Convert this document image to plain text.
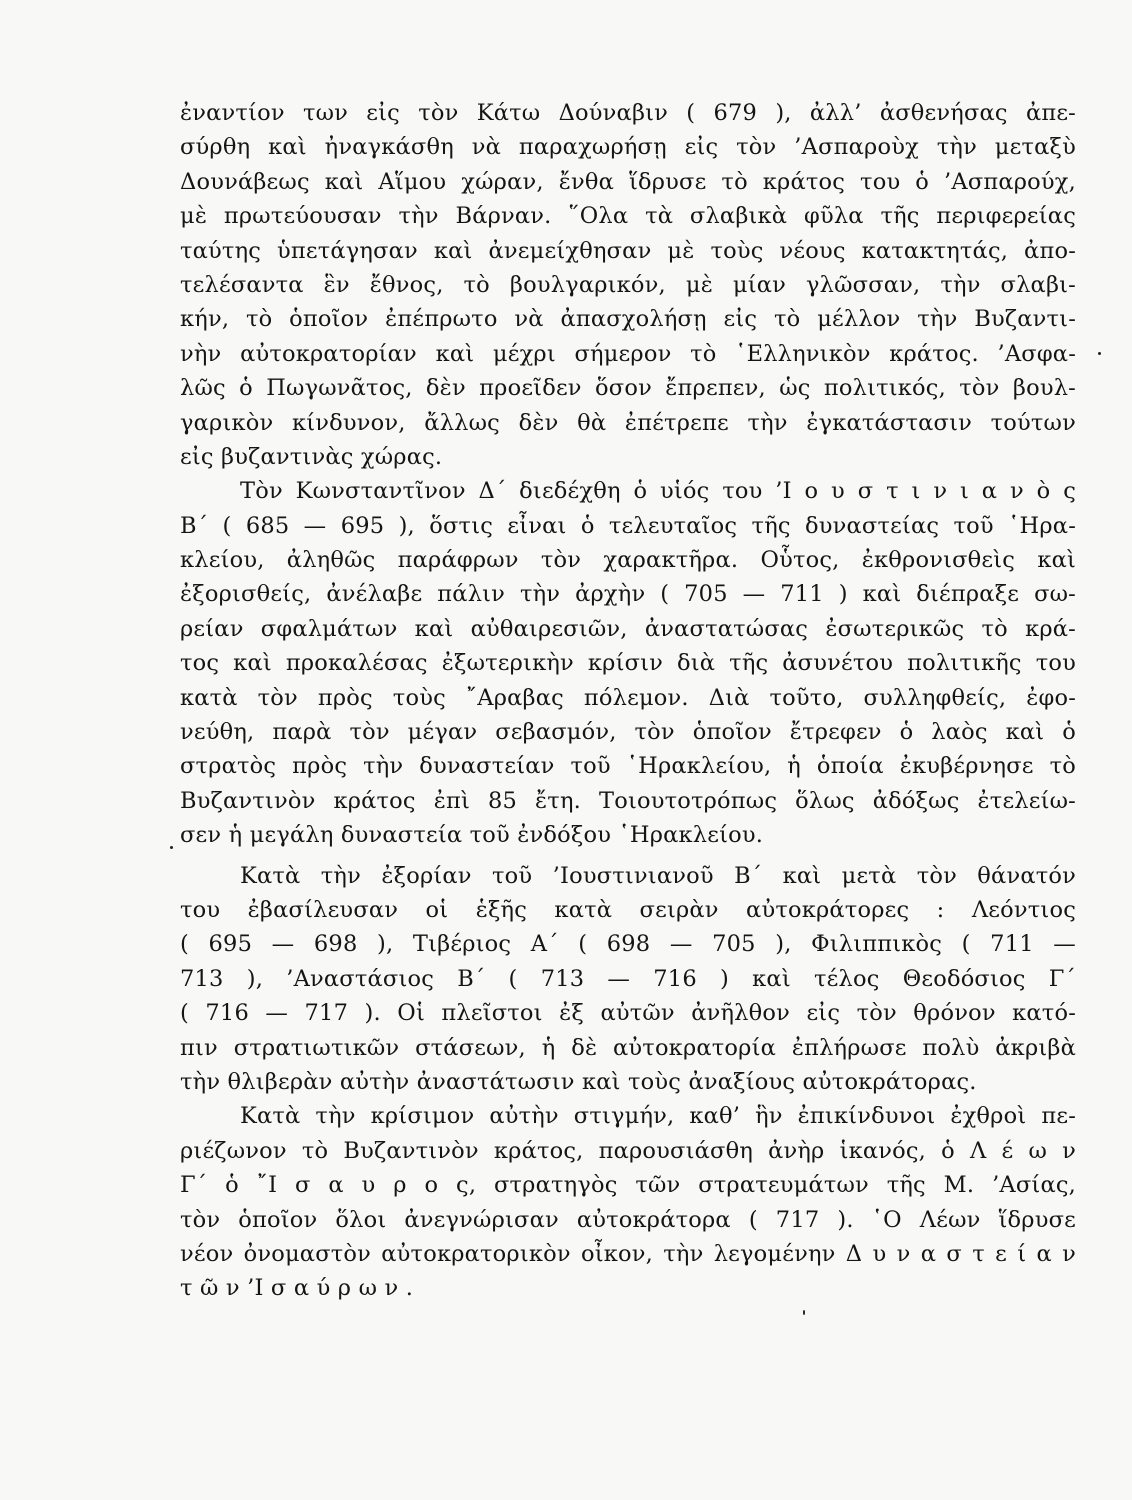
ἐναντίον των εἰς τὸν Κάτω Δούναβιν ( 679 ), ἀλλ’ ἀσθενήσας ἀπε-
σύρθη καὶ ἠναγκάσθη νὰ παραχωρήσῃ εἰς τὸν ’Ασπαροὺχ τὴν μεταξὺ
Δουνάβεως καὶ Αἵμου χώραν, ἔνθα ἵδρυσε τὸ κράτος του ὁ ’Ασπαρούχ,
μὲ πρωτεύουσαν τὴν Βάρναν. ῞Ολα τὰ σλαβικὰ φῦλα τῆς περιφερείας
ταύτης ὑπετάγησαν καὶ ἀνεμείχθησαν μὲ τοὺς νέους κατακτητάς, ἀπο-
τελέσαντα ἓν ἔθνος, τὸ βουλγαρικόν, μὲ μίαν γλῶσσαν, τὴν σλαβι-
κήν, τὸ ὁποῖον ἐπέπρωτο νὰ ἀπασχολήσῃ εἰς τὸ μέλλον τὴν Βυζαντι-
νὴν αὐτοκρατορίαν καὶ μέχρι σήμερον τὸ ῾Ελληνικὸν κράτος. ’Ασφα-
λῶς ὁ Πωγωνᾶτος, δὲν προεῖδεν ὅσον ἔπρεπεν, ὡς πολιτικός, τὸν βουλ-
γαρικὸν κίνδυνον, ἄλλως δὲν θὰ ἐπέτρεπε τὴν ἐγκατάστασιν τούτων
εἰς βυζαντινὰς χώρας.
Τὸν Κωνσταντῖνον Δ΄ διεδέχθη ὁ υἱός του ’Ι ο υ σ τ ι ν ι α ν ὸ ς
Β΄ ( 685 — 695 ), ὅστις εἶναι ὁ τελευταῖος τῆς δυναστείας τοῦ ῾Ηρα-
κλείου, ἀληθῶς παράφρων τὸν χαρακτῆρα. Οὗτος, ἐκθρονισθεὶς καὶ
ἐξορισθείς, ἀνέλαβε πάλιν τὴν ἀρχὴν ( 705 — 711 ) καὶ διέπραξε σω-
ρείαν σφαλμάτων καὶ αὐθαιρεσιῶν, ἀναστατώσας ἐσωτερικῶς τὸ κρά-
τος καὶ προκαλέσας ἐξωτερικὴν κρίσιν διὰ τῆς ἀσυνέτου πολιτικῆς του
κατὰ τὸν πρὸς τοὺς ῎Αραβας πόλεμον. Διὰ τοῦτο, συλληφθείς, ἐφο-
νεύθη, παρὰ τὸν μέγαν σεβασμόν, τὸν ὁποῖον ἔτρεφεν ὁ λαὸς καὶ ὁ
στρατὸς πρὸς τὴν δυναστείαν τοῦ ῾Ηρακλείου, ἡ ὁποία ἐκυβέρνησε τὸ
Βυζαντινὸν κράτος ἐπὶ 85 ἔτη. Τοιουτοτρόπως ὅλως ἀδόξως ἐτελείω-
σεν ἡ μεγάλη δυναστεία τοῦ ἐνδόξου ῾Ηρακλείου.
Κατὰ τὴν ἐξορίαν τοῦ ’Ιουστινιανοῦ Β΄ καὶ μετὰ τὸν θάνατόν
του ἐβασίλευσαν οἱ ἑξῆς κατὰ σειρὰν αὐτοκράτορες : Λεόντιος
( 695 — 698 ), Τιβέριος Α΄ ( 698 — 705 ), Φιλιππικὸς ( 711 —
713 ), ’Αναστάσιος Β΄ ( 713 — 716 ) καὶ τέλος Θεοδόσιος Γ΄
( 716 — 717 ). Οἱ πλεῖστοι ἐξ αὐτῶν ἀνῆλθον εἰς τὸν θρόνον κατό-
πιν στρατιωτικῶν στάσεων, ἡ δὲ αὐτοκρατορία ἐπλήρωσε πολὺ ἀκριβὰ
τὴν θλιβερὰν αὐτὴν ἀναστάτωσιν καὶ τοὺς ἀναξίους αὐτοκράτορας.
Κατὰ τὴν κρίσιμον αὐτὴν στιγμήν, καθ’ ἣν ἐπικίνδυνοι ἐχθροὶ πε-
ριέζωνον τὸ Βυζαντινὸν κράτος, παρουσιάσθη ἀνὴρ ἱκανός, ὁ Λ έ ω ν
Γ΄ ὁ ῎Ι σ α υ ρ ο ς, στρατηγὸς τῶν στρατευμάτων τῆς Μ. ’Ασίας,
τὸν ὁποῖον ὅλοι ἀνεγνώρισαν αὐτοκράτορα ( 717 ). ῾Ο Λέων ἵδρυσε
νέον ὀνομαστὸν αὐτοκρατορικὸν οἶκον, τὴν λεγομένην Δ υ ν α σ τ ε ί α ν
τ ῶ ν ’Ι σ α ύ ρ ω ν .
